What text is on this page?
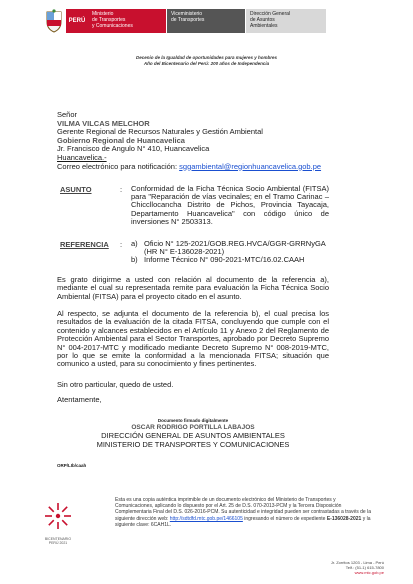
PERÚ
Ministerio
de Transportes
y Comunicaciones
Viceministerio
de Transportes
Dirección General
de Asuntos
Ambientales
Decenio de la Igualdad de oportunidades para mujeres y hombres
Año del Bicentenario del Perú: 200 años de Independencia
Señor
VILMA VILCAS MELCHOR
Gerente Regional de Recursos Naturales y Gestión Ambiental
Gobierno Regional de Huancavelica
Jr. Francisco de Angulo N° 410, Huancavelica
Huancavelica.-
Correo electrónico para notificación: sggambiental@regionhuancavelica.gob.pe
ASUNTO	: Conformidad de la Ficha Técnica Socio Ambiental (FITSA) para "Reparación de vías vecinales; en el Tramo Carinac – Chiccllocancha Distrito de Pichos, Provincia Tayacaja, Departamento Huancavelica" con código único de inversiones N° 2503313.
REFERENCIA : a) Oficio N° 125-2021/GOB.REG.HVCA/GGR-GRRNyGA (HR N° E-136028-2021)
b) Informe Técnico N° 090-2021-MTC/16.02.CAAH
Es grato dirigirme a usted con relación al documento de la referencia a), mediante el cual su representada remite para evaluación la Ficha Técnica Socio Ambiental (FITSA) para el proyecto citado en el asunto.
Al respecto, se adjunta el documento de la referencia b), el cual precisa los resultados de la evaluación de la citada FITSA, concluyendo que cumple con el contenido y alcances establecidos en el Artículo 11 y Anexo 2 del Reglamento de Protección Ambiental para el Sector Transportes, aprobado por Decreto Supremo N° 004-2017-MTC y modificado mediante Decreto Supremo N° 008-2019-MTC, por lo que se emite la conformidad a la mencionada FITSA; situación que comunico a usted, para su conocimiento y fines pertinentes.
Sin otro particular, quedo de usted.
Atentamente,
Documento firmado digitalmente
OSCAR RODRIGO PORTILLA LABAJOS
DIRECCIÓN GENERAL DE ASUNTOS AMBIENTALES
MINISTERIO DE TRANSPORTES Y COMUNICACIONES
ORP/LIb/caah
BICENTENARIO PERÚ 2021
Esta es una copia auténtica imprimible de un documento electrónico del Ministerio de Transportes y Comunicaciones, aplicando lo dispuesto por el Art. 25 de D.S. 070-2013-PCM y la Tercera Disposición Complementaria Final del D.S. 026-2016-PCM. Su autenticidad e integridad pueden ser contrastadas a través de la siguiente dirección web: http://sdtdfd.mtc.gob.pe/1466105 ingresando el número de expediente E-136028-2021 y la siguiente clave: 6CAH1L.
Jr. Zorritos 1203 - Lima - Perú
Telf.: (51-1) 615-7800
www.mtc.gob.pe
